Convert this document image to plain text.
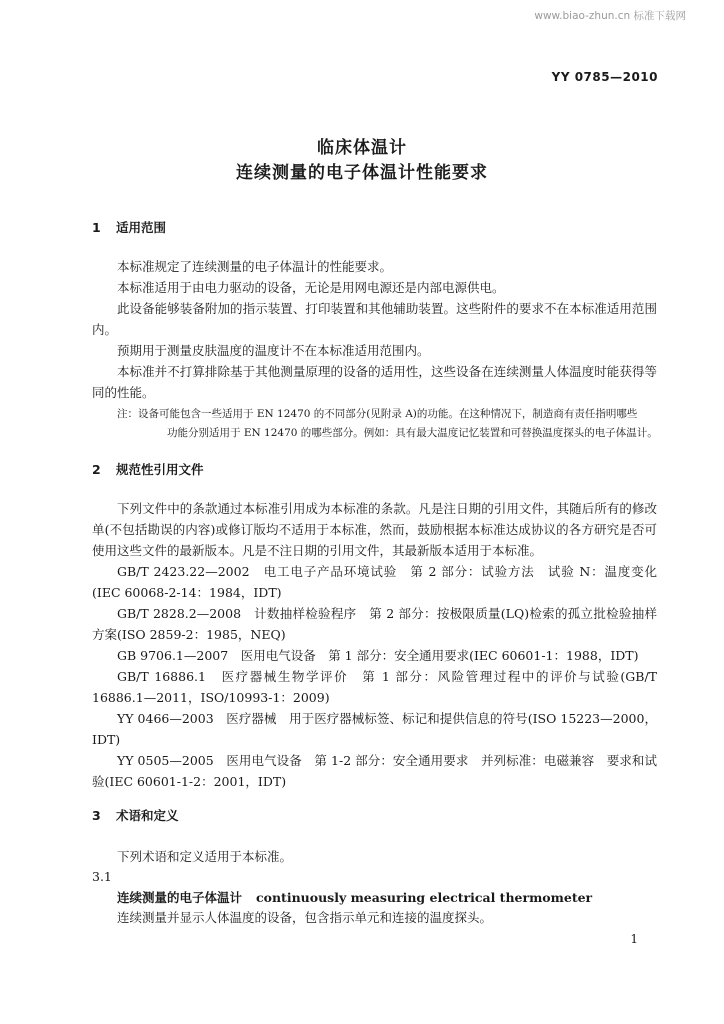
www.biao-zhun.cn 标准下载网
YY 0785—2010
临床体温计
连续测量的电子体温计性能要求
1 适用范围
本标准规定了连续测量的电子体温计的性能要求。
本标准适用于由电力驱动的设备，无论是用网电源还是内部电源供电。
此设备能够装备附加的指示装置、打印装置和其他辅助装置。这些附件的要求不在本标准适用范围内。
预期用于测量皮肤温度的温度计不在本标准适用范围内。
本标准并不打算排除基于其他测量原理的设备的适用性，这些设备在连续测量人体温度时能获得等同的性能。
注：设备可能包含一些适用于 EN 12470 的不同部分(见附录 A)的功能。在这种情况下，制造商有责任指明哪些
功能分别适用于 EN 12470 的哪些部分。例如：具有最大温度记忆装置和可替换温度探头的电子体温计。
2 规范性引用文件
下列文件中的条款通过本标准引用成为本标准的条款。凡是注日期的引用文件，其随后所有的修改单(不包括勘误的内容)或修订版均不适用于本标准，然而，鼓励根据本标准达成协议的各方研究是否可使用这些文件的最新版本。凡是不注日期的引用文件，其最新版本适用于本标准。
GB/T 2423.22—2002　电工电子产品环境试验　第 2 部分：试验方法　试验 N：温度变化(IEC 60068-2-14：1984，IDT)
GB/T 2828.2—2008　计数抽样检验程序　第 2 部分：按极限质量(LQ)检索的孤立批检验抽样方案(ISO 2859-2：1985，NEQ)
GB 9706.1—2007　医用电气设备　第 1 部分：安全通用要求(IEC 60601-1：1988，IDT)
GB/T 16886.1　医疗器械生物学评价　第 1 部分：风险管理过程中的评价与试验(GB/T 16886.1—2011，ISO/10993-1：2009)
YY 0466—2003　医疗器械　用于医疗器械标签、标记和提供信息的符号(ISO 15223—2000，IDT)
YY 0505—2005　医用电气设备　第 1-2 部分：安全通用要求　并列标准：电磁兼容　要求和试验(IEC 60601-1-2：2001，IDT)
3 术语和定义
下列术语和定义适用于本标准。
3.1
连续测量的电子体温计 continuously measuring electrical thermometer
连续测量并显示人体温度的设备，包含指示单元和连接的温度探头。
1
